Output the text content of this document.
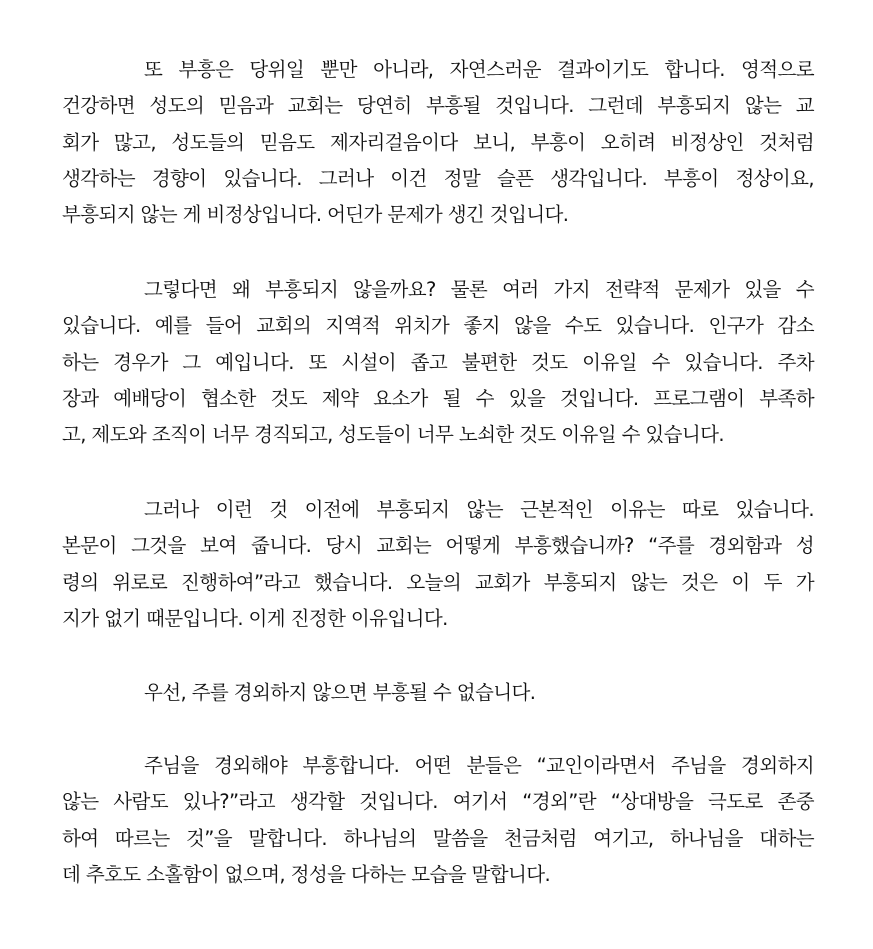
또 부흥은 당위일 뿐만 아니라, 자연스러운 결과이기도 합니다. 영적으로
건강하면 성도의 믿음과 교회는 당연히 부흥될 것입니다. 그런데 부흥되지 않는 교
회가 많고, 성도들의 믿음도 제자리걸음이다 보니, 부흥이 오히려 비정상인 것처럼
생각하는 경향이 있습니다. 그러나 이건 정말 슬픈 생각입니다. 부흥이 정상이요,
부흥되지 않는 게 비정상입니다. 어딘가 문제가 생긴 것입니다.
그렇다면 왜 부흥되지 않을까요? 물론 여러 가지 전략적 문제가 있을 수
있습니다. 예를 들어 교회의 지역적 위치가 좋지 않을 수도 있습니다. 인구가 감소
하는 경우가 그 예입니다. 또 시설이 좁고 불편한 것도 이유일 수 있습니다. 주차
장과 예배당이 협소한 것도 제약 요소가 될 수 있을 것입니다. 프로그램이 부족하
고, 제도와 조직이 너무 경직되고, 성도들이 너무 노쇠한 것도 이유일 수 있습니다.
그러나 이런 것 이전에 부흥되지 않는 근본적인 이유는 따로 있습니다.
본문이 그것을 보여 줍니다. 당시 교회는 어떻게 부흥했습니까? “주를 경외함과 성
령의 위로로 진행하여”라고 했습니다. 오늘의 교회가 부흥되지 않는 것은 이 두 가
지가 없기 때문입니다. 이게 진정한 이유입니다.
우선, 주를 경외하지 않으면 부흥될 수 없습니다.
주님을 경외해야 부흥합니다. 어떤 분들은 “교인이라면서 주님을 경외하지
않는 사람도 있나?”라고 생각할 것입니다. 여기서 “경외”란 “상대방을 극도로 존중
하여 따르는 것”을 말합니다. 하나님의 말씀을 천금처럼 여기고, 하나님을 대하는
데 추호도 소홀함이 없으며, 정성을 다하는 모습을 말합니다.
